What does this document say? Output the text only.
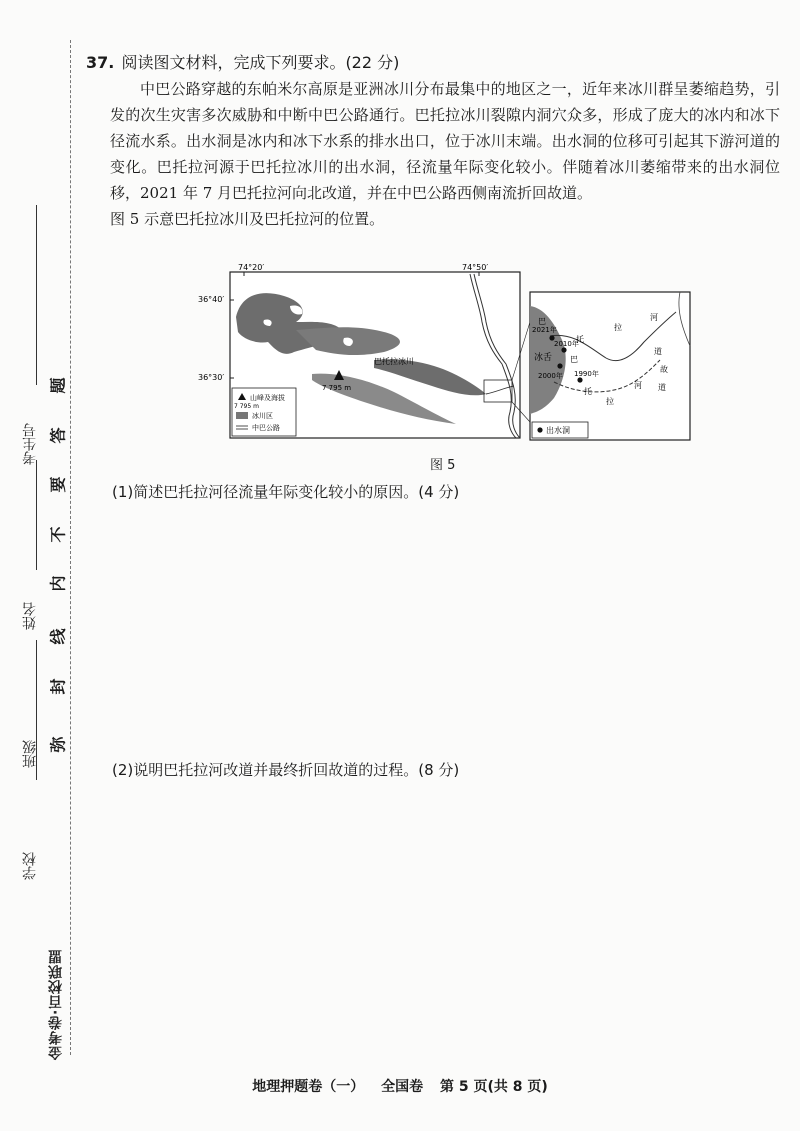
金考卷·百校联盟
学校
班级
姓名
考生号
弥
封
线
内
不
要
答
题
37. 阅读图文材料，完成下列要求。(22 分)

中巴公路穿越的东帕米尔高原是亚洲冰川分布最集中的地区之一，近年来冰川群呈萎缩趋势，引发的次生灾害多次威胁和中断中巴公路通行。巴托拉冰川裂隙内洞穴众多，形成了庞大的冰内和冰下径流水系。出水洞是冰内和冰下水系的排水出口，位于冰川末端。出水洞的位移可引起其下游河道的变化。巴托拉河源于巴托拉冰川的出水洞，径流量年际变化较小。伴随着冰川萎缩带来的出水洞位移，2021 年 7 月巴托拉河向北改道，并在中巴公路西侧南流折回故道。

图 5 示意巴托拉冰川及巴托拉河的位置。

74°20′	74°50′
36°40′
36°30′
7 795 m
巴托拉冰川
山峰及海拔
7 795 m
冰川区
中巴公路
2021年
2010年
2000年 1990年
冰舌
巴
托
拉
河
巴
托
拉
河
道
故
道
出水洞
图 5
(1)简述巴托拉河径流量年际变化较小的原因。(4 分)
(2)说明巴托拉河改道并最终折回故道的过程。(8 分)
地理押题卷（一） 全国卷 第 5 页(共 8 页)
